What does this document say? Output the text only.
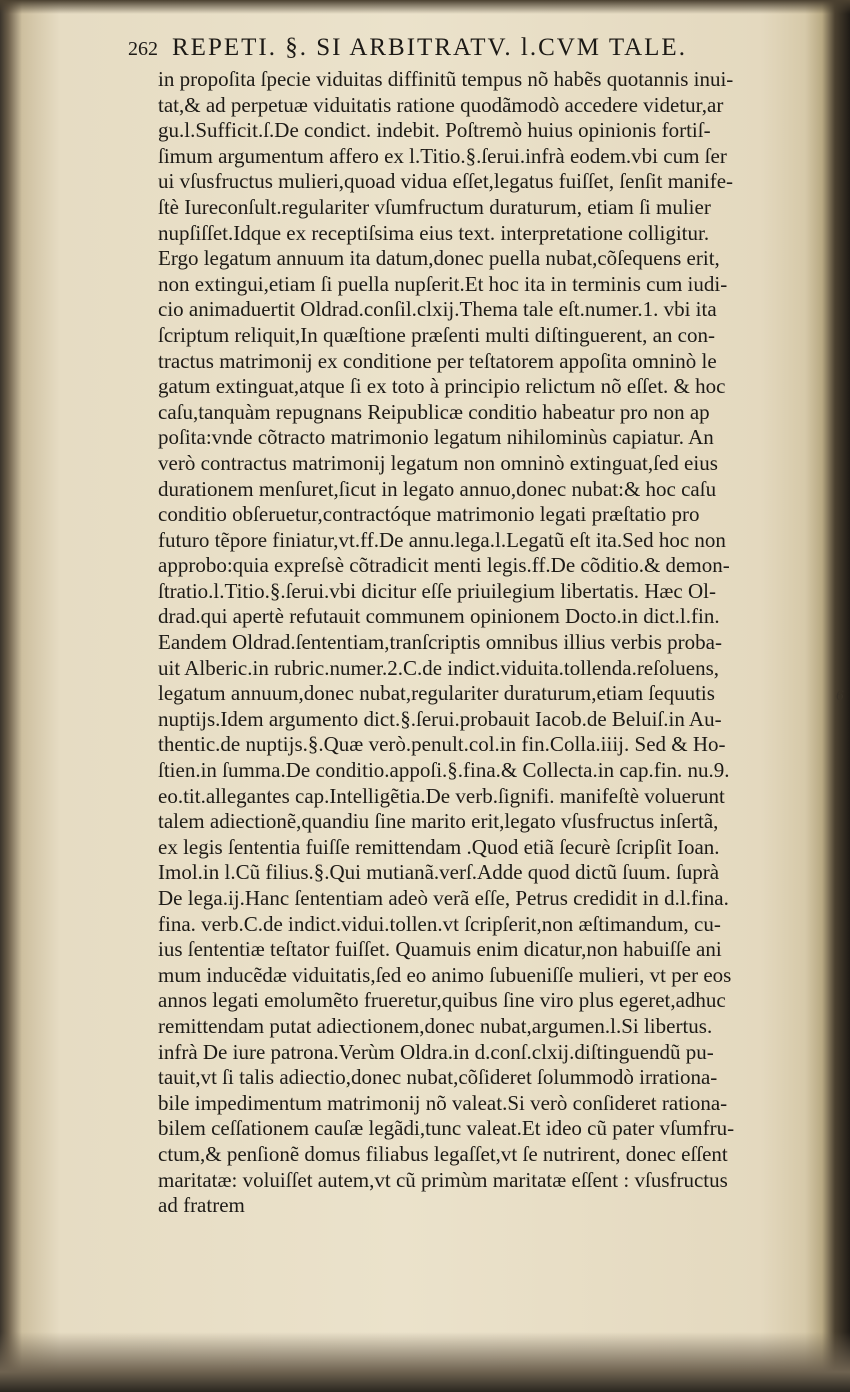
262 REPETI. §. SI ARBITRATV. l.CVM TALE.
in propoſita ſpecie viduitas diffinitũ tempus nõ habẽs quotannis inui-
tat,& ad perpetuæ viduitatis ratione quodãmodò accedere videtur,ar
gu.l.Sufficit.ſ.De condict. indebit. Poſtremò huius opinionis fortiſ-
ſimum argumentum affero ex l.Titio.§.ſerui.infrà eodem.vbi cum ſer
ui vſusfructus mulieri,quoad vidua eſſet,legatus fuiſſet, ſenſit manife-
ſtè Iureconſult.regulariter vſumfructum duraturum, etiam ſi mulier
nupſiſſet.Idque ex receptiſsima eius text. interpretatione colligitur.
Ergo legatum annuum ita datum,donec puella nubat,cõſequens erit,
non extingui,etiam ſi puella nupſerit.Et hoc ita in terminis cum iudi-
cio animaduertit Oldrad.conſil.clxij.Thema tale eſt.numer.1. vbi ita
ſcriptum reliquit,In quæſtione præſenti multi diſtinguerent, an con-
tractus matrimonij ex conditione per teſtatorem appoſita omninò le
gatum extinguat,atque ſi ex toto à principio relictum nõ eſſet. & hoc
caſu,tanquàm repugnans Reipublicæ conditio habeatur pro non ap
poſita:vnde cõtracto matrimonio legatum nihilominùs capiatur. An
verò contractus matrimonij legatum non omninò extinguat,ſed eius
durationem menſuret,ſicut in legato annuo,donec nubat:& hoc caſu
conditio obſeruetur,contractóque matrimonio legati præſtatio pro
futuro tẽpore finiatur,vt.ff.De annu.lega.l.Legatũ eſt ita.Sed hoc non
approbo:quia expreſsè cõtradicit menti legis.ff.De cõditio.& demon-
ſtratio.l.Titio.§.ſerui.vbi dicitur eſſe priuilegium libertatis. Hæc Ol-
drad.qui apertè refutauit communem opinionem Docto.in dict.l.fin.
Eandem Oldrad.ſententiam,tranſcriptis omnibus illius verbis proba-
uit Alberic.in rubric.numer.2.C.de indict.viduita.tollenda.reſoluens,
legatum annuum,donec nubat,regulariter duraturum,etiam ſequutis
nuptijs.Idem argumento dict.§.ſerui.probauit Iacob.de Beluiſ.in Au-
thentic.de nuptijs.§.Quæ verò.penult.col.in fin.Colla.iiij. Sed & Ho-
ſtien.in ſumma.De conditio.appoſi.§.fina.& Collecta.in cap.fin. nu.9.
eo.tit.allegantes cap.Intelligẽtia.De verb.ſignifi. manifeſtè voluerunt
talem adiectionẽ,quandiu ſine marito erit,legato vſusfructus inſertã,
ex legis ſententia fuiſſe remittendam .Quod etiã ſecurè ſcripſit Ioan.
Imol.in l.Cũ filius.§.Qui mutianã.verſ.Adde quod dictũ ſuum. ſuprà
De lega.ij.Hanc ſententiam adeò verã eſſe, Petrus credidit in d.l.fina.
fina. verb.C.de indict.vidui.tollen.vt ſcripſerit,non æſtimandum, cu-
ius ſententiæ teſtator fuiſſet. Quamuis enim dicatur,non habuiſſe ani
mum inducẽdæ viduitatis,ſed eo animo ſubueniſſe mulieri, vt per eos
annos legati emolumẽto frueretur,quibus ſine viro plus egeret,adhuc
remittendam putat adiectionem,donec nubat,argumen.l.Si libertus.
infrà De iure patrona.Verùm Oldra.in d.conſ.clxij.diſtinguendũ pu-
tauit,vt ſi talis adiectio,donec nubat,cõſideret ſolummodò irrationa-
bile impedimentum matrimonij nõ valeat.Si verò conſideret rationa-
bilem ceſſationem cauſæ legãdi,tunc valeat.Et ideo cũ pater vſumfru-
ctum,& penſionẽ domus filiabus legaſſet,vt ſe nutrirent, donec eſſent
maritatæ: voluiſſet autem,vt cũ primùm maritatæ eſſent : vſusfructus
ad fratrem
6
